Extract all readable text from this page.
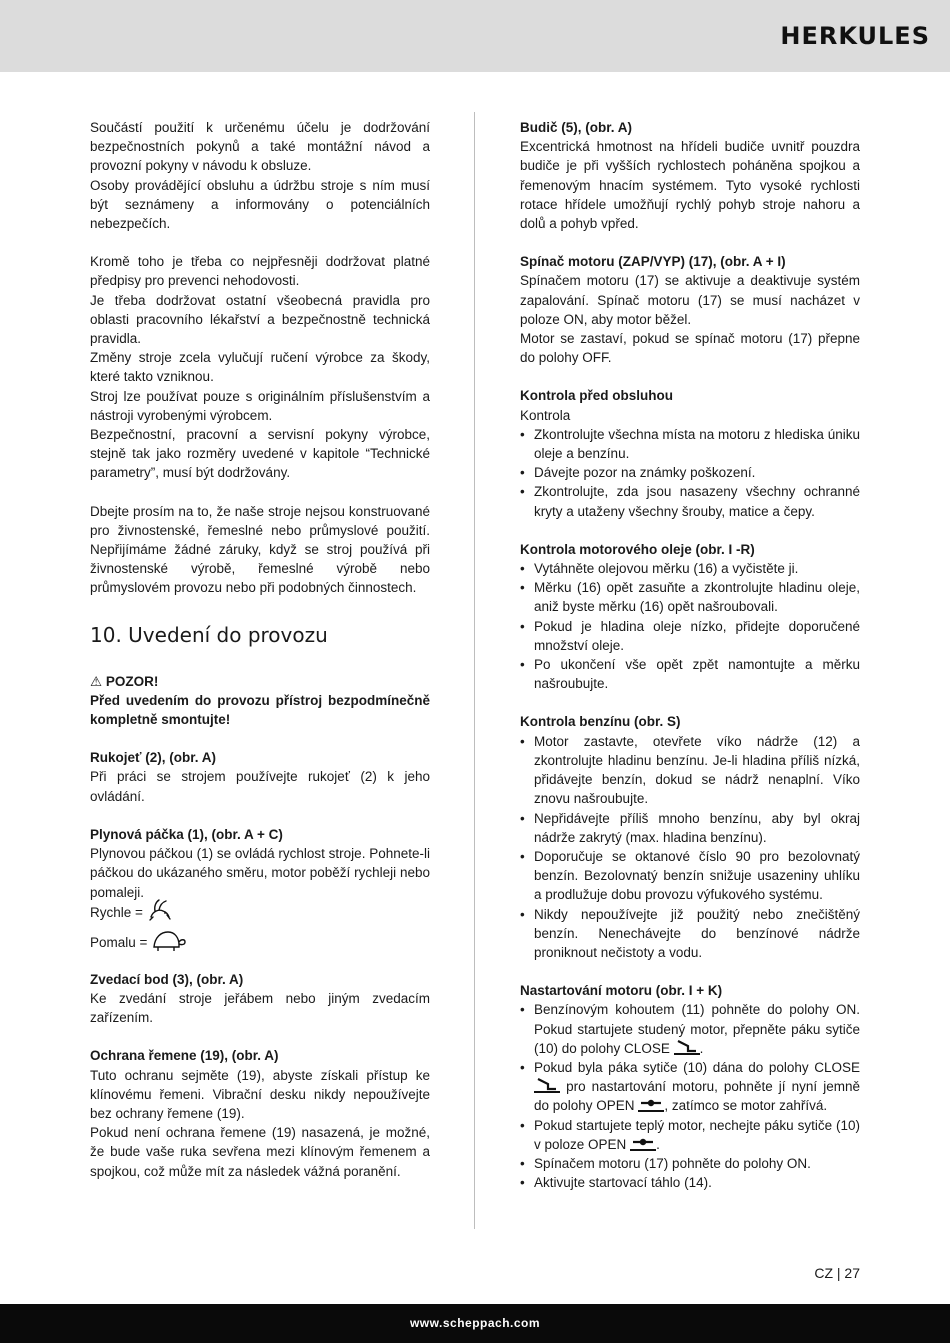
HERKULES

Součástí použití k určenému účelu je dodržování bezpečnostních pokynů a také montážní návod a provozní pokyny v návodu k obsluze.

Osoby provádějící obsluhu a údržbu stroje s ním musí být seznámeny a informovány o potenciálních nebezpečích.

Kromě toho je třeba co nejpřesněji dodržovat platné předpisy pro prevenci nehodovosti.

Je třeba dodržovat ostatní všeobecná pravidla pro oblasti pracovního lékařství a bezpečnostně technická pravidla.

Změny stroje zcela vylučují ručení výrobce za škody, které takto vzniknou.

Stroj lze používat pouze s originálním příslušenstvím a nástroji vyrobenými výrobcem.

Bezpečnostní, pracovní a servisní pokyny výrobce, stejně tak jako rozměry uvedené v kapitole “Technické parametry”, musí být dodržovány.

Dbejte prosím na to, že naše stroje nejsou konstruované pro živnostenské, řemeslné nebo průmyslové použití. Nepřijímáme žádné záruky, když se stroj používá při živnostenské výrobě, řemeslné výrobě nebo průmyslovém provozu nebo při podobných činnostech.

10. Uvedení do provozu

⚠ POZOR!

Před uvedením do provozu přístroj bezpodmínečně kompletně smontujte!

Rukojeť (2), (obr. A)

Při práci se strojem používejte rukojeť (2) k jeho ovládání.

Plynová páčka (1), (obr. A + C)

Plynovou páčkou (1) se ovládá rychlost stroje. Pohnete-li páčkou do ukázaného směru, motor poběží rychleji nebo pomaleji.

Rychle =
Pomalu =

Zvedací bod (3), (obr. A)

Ke zvedání stroje jeřábem nebo jiným zvedacím zařízením.

Ochrana řemene (19), (obr. A)

Tuto ochranu sejměte (19), abyste získali přístup ke klínovému řemeni. Vibrační desku nikdy nepoužívejte bez ochrany řemene (19).

Pokud není ochrana řemene (19) nasazená, je možné, že bude vaše ruka sevřena mezi klínovým řemenem a spojkou, což může mít za následek vážná poranění.

Budič (5), (obr. A)

Excentrická hmotnost na hřídeli budiče uvnitř pouzdra budiče je při vyšších rychlostech poháněna spojkou a řemenovým hnacím systémem. Tyto vysoké rychlosti rotace hřídele umožňují rychlý pohyb stroje nahoru a dolů a pohyb vpřed.

Spínač motoru (ZAP/VYP) (17), (obr. A + I)

Spínačem motoru (17) se aktivuje a deaktivuje systém zapalování. Spínač motoru (17) se musí nacházet v poloze ON, aby motor běžel.

Motor se zastaví, pokud se spínač motoru (17) přepne do polohy OFF.

Kontrola před obsluhou

Kontrola

• Zkontrolujte všechna místa na motoru z hlediska úniku oleje a benzínu.
• Dávejte pozor na známky poškození.
• Zkontrolujte, zda jsou nasazeny všechny ochranné kryty a utaženy všechny šrouby, matice a čepy.

Kontrola motorového oleje (obr. I -R)

• Vytáhněte olejovou měrku (16) a vyčistěte ji.
• Měrku (16) opět zasuňte a zkontrolujte hladinu oleje, aniž byste měrku (16) opět našroubovali.
• Pokud je hladina oleje nízko, přidejte doporučené množství oleje.
• Po ukončení vše opět zpět namontujte a měrku našroubujte.

Kontrola benzínu (obr. S)

• Motor zastavte, otevřete víko nádrže (12) a zkontrolujte hladinu benzínu. Je-li hladina příliš nízká, přidávejte benzín, dokud se nádrž nenaplní. Víko znovu našroubujte.
• Nepřidávejte příliš mnoho benzínu, aby byl okraj nádrže zakrytý (max. hladina benzínu).
• Doporučuje se oktanové číslo 90 pro bezolovnatý benzín. Bezolovnatý benzín snižuje usazeniny uhlíku a prodlužuje dobu provozu výfukového systému.
• Nikdy nepoužívejte již použitý nebo znečištěný benzín. Nenechávejte do benzínové nádrže proniknout nečistoty a vodu.

Nastartování motoru (obr. I + K)

• Benzínovým kohoutem (11) pohněte do polohy ON. Pokud startujete studený motor, přepněte páku sytiče (10) do polohy CLOSE .
• Pokud byla páka sytiče (10) dána do polohy CLOSE
pro nastartování motoru, pohněte jí nyní jemně do polohy OPEN , zatímco se motor zahřívá.
• Pokud startujete teplý motor, nechejte páku sytiče (10) v poloze OPEN .
• Spínačem motoru (17) pohněte do polohy ON.
• Aktivujte startovací táhlo (14).
CZ | 27
www.scheppach.com
